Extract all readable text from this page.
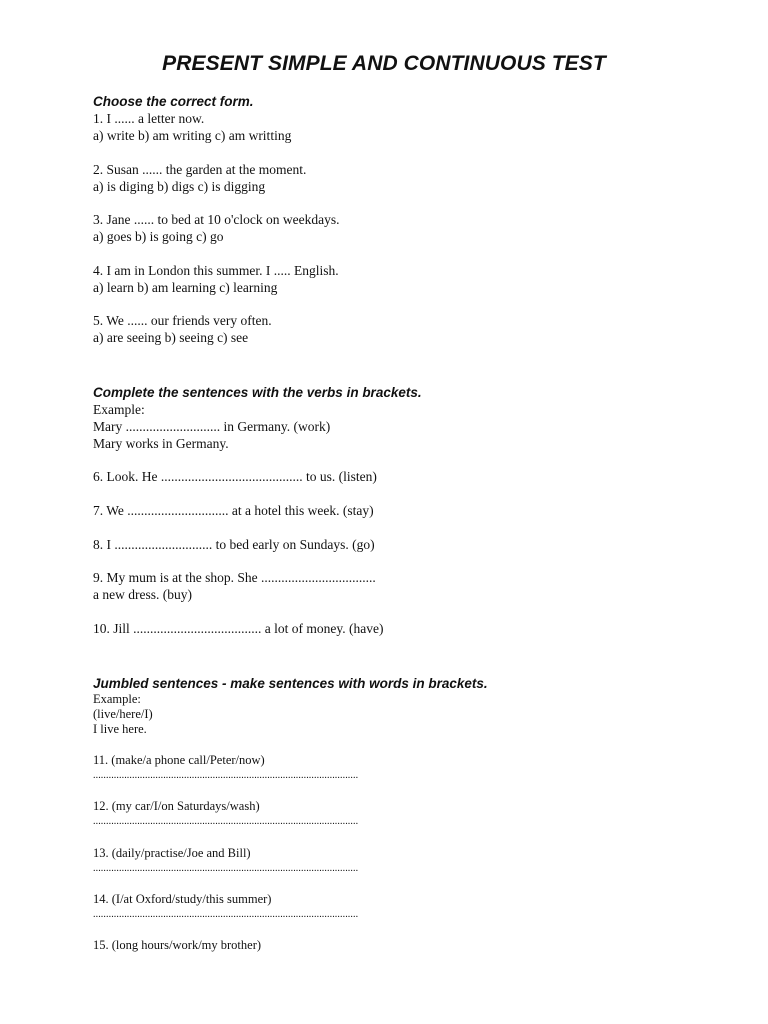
PRESENT SIMPLE AND CONTINUOUS TEST
Choose the correct form.
1. I ...... a letter now.
a) write b) am writing c) am writting
2. Susan ...... the garden at the moment.
a) is diging b) digs c) is digging
3. Jane ...... to bed at 10 o'clock on weekdays.
a) goes b) is going c) go
4. I am in London this summer. I ..... English.
a) learn b) am learning c) learning
5. We ...... our friends very often.
a) are seeing b) seeing c) see
Complete the sentences with the verbs in brackets.
Example:
Mary ............................ in Germany. (work)
Mary works in Germany.
6. Look. He .......................................... to us. (listen)
7. We .............................. at a hotel this week. (stay)
8. I ............................. to bed early on Sundays. (go)
9. My mum is at the shop. She ..................................
a new dress. (buy)
10. Jill ...................................... a lot of money. (have)
Jumbled sentences - make sentences with words in brackets.
Example:
(live/here/I)
I live here.
11. (make/a phone call/Peter/now)
......................................................................................................
12. (my car/I/on Saturdays/wash)
......................................................................................................
13. (daily/practise/Joe and Bill)
......................................................................................................
14. (I/at Oxford/study/this summer)
......................................................................................................
15. (long hours/work/my brother)
